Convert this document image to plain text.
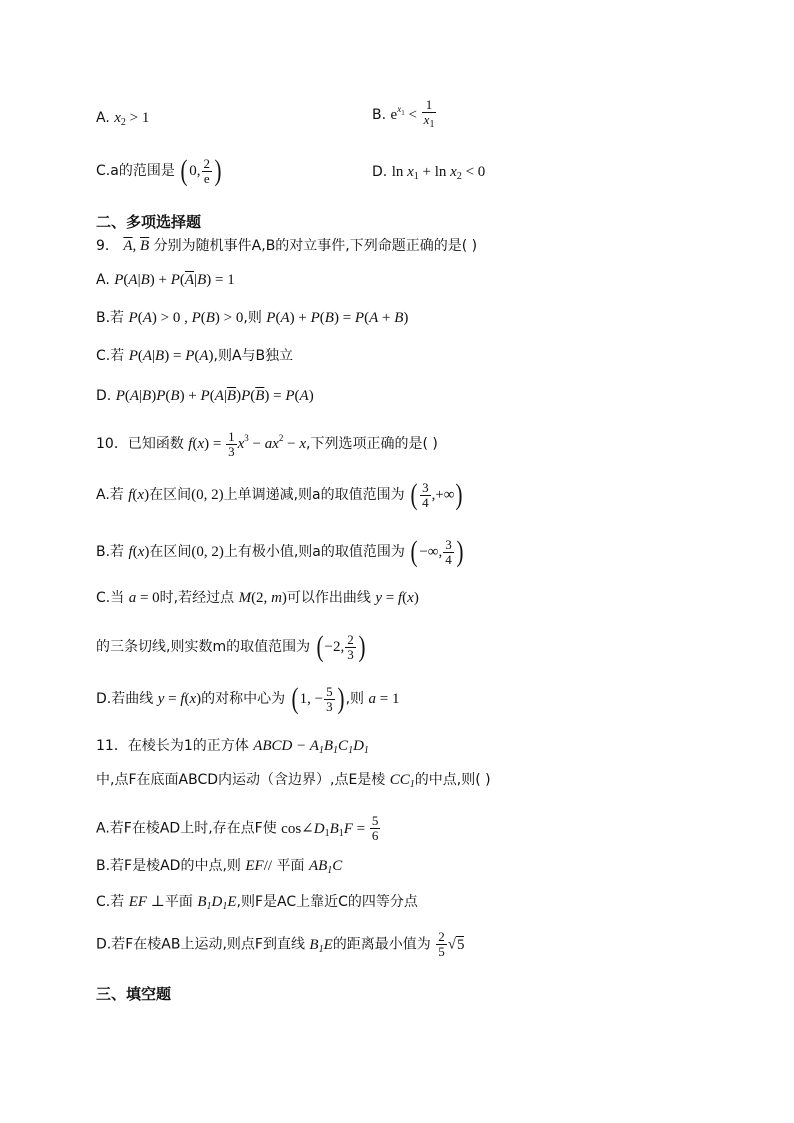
A. $x_2 > 1$	B. $e^{x_1} < \frac{1}{x_1}$
C.a的范围是 ( 0, $\frac{2}{e}$ )	D. $\ln x_1 + \ln x_2 < 0$
二、多项选择题
9． $\overline{A}$, $\overline{B}$ 分别为随机事件A,B的对立事件,下列命题正确的是( )
A. $P(A|B) + P(\overline{A}|B) = 1$
B.若 P(A) > 0 , P(B) > 0,则 P(A) + P(B) = P(A + B)
C.若 P(A|B) = P(A),则A与B独立
D. $P(A|B)P(B) + P(A|\overline{B})P(\overline{B}) = P(A)$
10．已知函数 $f(x) = \frac{1}{3} x^3 - ax^2 - x$,下列选项正确的是( )
A.若 f(x)在区间(0, 2)上单调递减,则a的取值范围为 ( $\frac{3}{4}$ ,+∞)
B.若 f(x)在区间(0, 2)上有极小值,则a的取值范围为 ( −∞, $\frac{3}{4}$ )
C.当 a = 0时,若经过点 M(2, m)可以作出曲线 y = f(x)
的三条切线,则实数m的取值范围为 ( −2, $\frac{2}{3}$ )
D.若曲线 y = f(x)的对称中心为 ( 1, − $\frac{5}{3}$ ) ,则 a = 1
11．在棱长为1的正方体 ABCD − $A_1B_1C_1D_1$
中,点F在底面ABCD内运动（含边界）,点E是棱 $CC_1$的中点,则( )
A.若F在棱AD上时,存在点F使 $\cos\angle D_1B_1F = \frac{5}{6}$
B.若F是棱AD的中点,则 EF// 平面 $AB_1C$
C.若 EF ⊥平面 $B_1D_1E$,则F是AC上靠近C的四等分点
D.若F在棱AB上运动,则点F到直线 $B_1E$的距离最小值为 $\frac{2}{5} √5$
三、填空题
